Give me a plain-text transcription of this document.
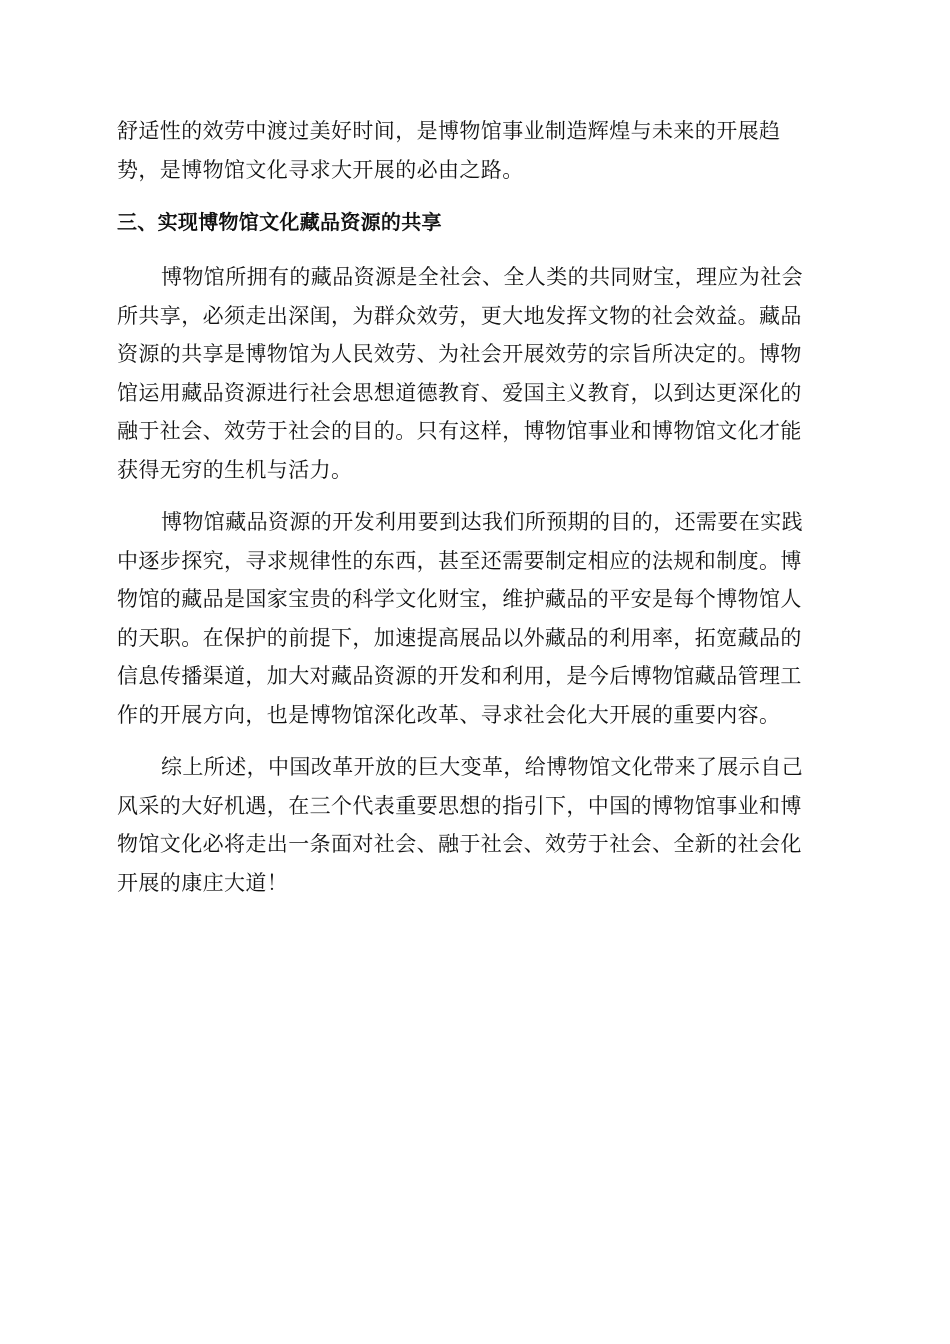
舒适性的效劳中渡过美好时间，是博物馆事业制造辉煌与未来的开展趋
势，是博物馆文化寻求大开展的必由之路。
三、实现博物馆文化藏品资源的共享
博物馆所拥有的藏品资源是全社会、全人类的共同财宝，理应为社会
所共享，必须走出深闺，为群众效劳，更大地发挥文物的社会效益。藏品
资源的共享是博物馆为人民效劳、为社会开展效劳的宗旨所决定的。博物
馆运用藏品资源进行社会思想道德教育、爱国主义教育，以到达更深化的
融于社会、效劳于社会的目的。只有这样，博物馆事业和博物馆文化才能
获得无穷的生机与活力。
博物馆藏品资源的开发利用要到达我们所预期的目的，还需要在实践
中逐步探究，寻求规律性的东西，甚至还需要制定相应的法规和制度。博
物馆的藏品是国家宝贵的科学文化财宝，维护藏品的平安是每个博物馆人
的天职。在保护的前提下，加速提高展品以外藏品的利用率，拓宽藏品的
信息传播渠道，加大对藏品资源的开发和利用，是今后博物馆藏品管理工
作的开展方向，也是博物馆深化改革、寻求社会化大开展的重要内容。
综上所述，中国改革开放的巨大变革，给博物馆文化带来了展示自己
风采的大好机遇，在三个代表重要思想的指引下，中国的博物馆事业和博
物馆文化必将走出一条面对社会、融于社会、效劳于社会、全新的社会化
开展的康庄大道！
